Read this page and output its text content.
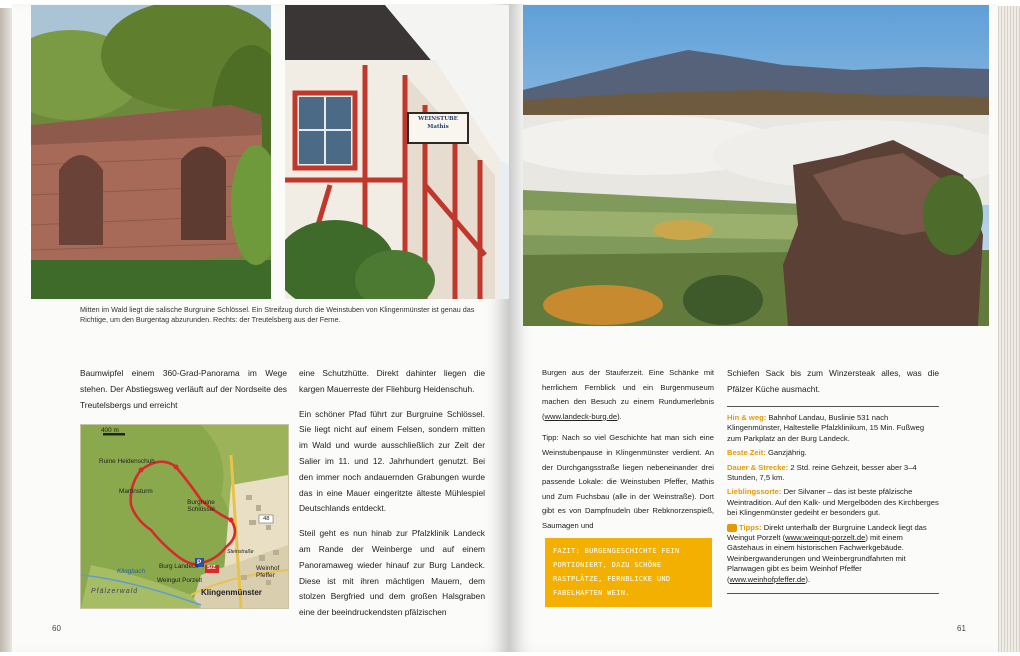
WEINSTUBE Mathis
Mitten im Wald liegt die salische Burgruine Schlössel. Ein Streifzug durch die Weinstuben von Klingenmünster ist genau das Richtige, um den Burgentag abzurunden. Rechts: der Treutelsberg aus der Ferne.
Baumwipfel einem 360-Grad-Panorama im Wege stehen. Der Abstiegsweg verläuft auf der Nordseite des Treutelsbergs und erreicht
400 m
Ruine Heidenschuh
Martinsturm
Burgruine Schlössel
48
P
S/Z
Burg Landeck
Weingut Porzelt
Weinhof Pfeffer
Steinstraße
Klingbach
Pfälzerwald	Klingenmünster
eine Schutzhütte. Direkt dahinter liegen die kargen Mauerreste der Fliehburg Heidenschuh.
Ein schöner Pfad führt zur Burgruine Schlössel. Sie liegt nicht auf einem Felsen, sondern mitten im Wald und wurde ausschließlich zur Zeit der Salier im 11. und 12. Jahrhundert genutzt. Bei den immer noch andauernden Grabungen wurde das in eine Mauer eingeritzte älteste Mühlespiel Deutschlands entdeckt.
Steil geht es nun hinab zur Pfalzklinik Landeck am Rande der Weinberge und auf einem Panoramaweg wieder hinauf zur Burg Landeck. Diese ist mit ihren mächtigen Mauern, dem stolzen Bergfried und dem großen Halsgraben eine der beeindruckendsten pfälzischen
60
Burgen aus der Stauferzeit. Eine Schänke mit herrlichem Fernblick und ein Burgenmuseum machen den Besuch zu einem Rundumerlebnis (www.landeck-burg.de).
Tipp: Nach so viel Geschichte hat man sich eine Weinstubenpause in Klingenmünster verdient. An der Durchgangsstraße liegen nebeneinander drei passende Lokale: die Weinstuben Pfeffer, Mathis und Zum Fuchsbau (alle in der Weinstraße). Dort gibt es von Dampfnudeln über Rebknorzenspieß, Saumagen und
FAZIT: BURGENGESCHICHTE FEIN PORTIONIERT, DAZU SCHÖNE RASTPLÄTZE, FERNBLICKE UND FABELHAFTEN WEIN.
Schiefen Sack bis zum Winzersteak alles, was die Pfälzer Küche ausmacht.

Hin & weg: Bahnhof Landau, Buslinie 531 nach Klingenmünster, Haltestelle Pfalzklinikum, 15 Min. Fußweg zum Parkplatz an der Burg Landeck.

Beste Zeit: Ganzjährig.

Dauer & Strecke: 2 Std. reine Gehzeit, besser aber 3–4 Stunden, 7,5 km.

Lieblingssorte: Der Silvaner – das ist beste pfälzische Weintradition. Auf den Kalk- und Mergelböden des Kirchberges bei Klingenmünster gedeiht er besonders gut.

Tipps: Direkt unterhalb der Burgruine Landeck liegt das Weingut Porzelt (www.weingut-porzelt.de) mit einem Gästehaus in einem historischen Fachwerkgebäude. Weinbergwanderungen und Weinbergrundfahrten mit Planwagen gibt es beim Weinhof Pfeffer (www.weinhofpfeffer.de).

61
